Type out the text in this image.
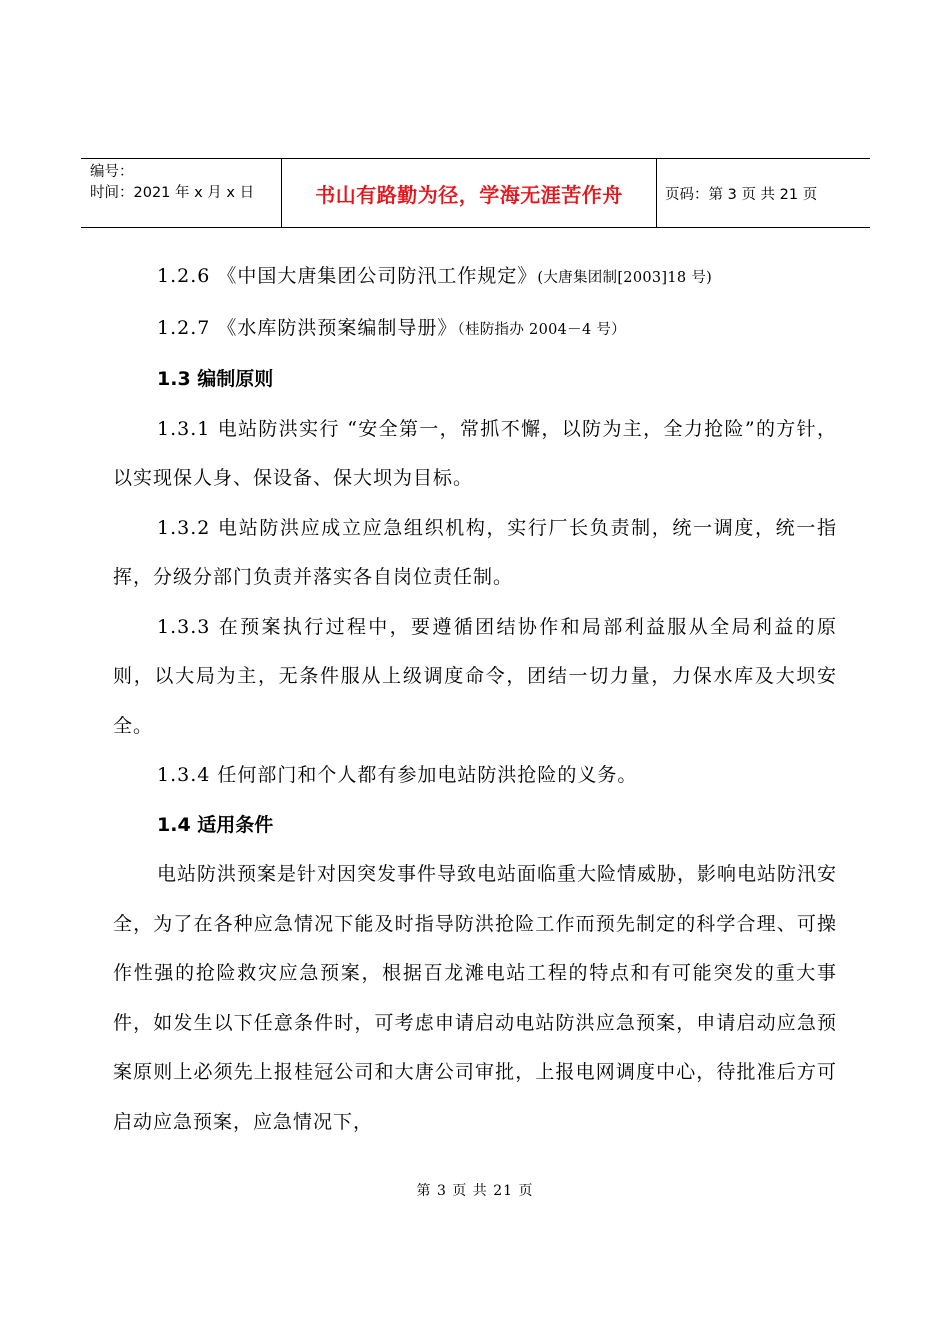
编号：
时间：2021 年 x 月 x 日	书山有路勤为径，学海无涯苦作舟	页码：第 3 页 共 21 页

1.2.6 《中国大唐集团公司防汛工作规定》(大唐集团制[2003]18 号)

1.2.7 《水库防洪预案编制导册》（桂防指办 2004－4 号）

1.3 编制原则

1.3.1 电站防洪实行 “安全第一，常抓不懈，以防为主，全力抢险”的方针，以实现保人身、保设备、保大坝为目标。

1.3.2 电站防洪应成立应急组织机构，实行厂长负责制，统一调度，统一指挥，分级分部门负责并落实各自岗位责任制。

1.3.3 在预案执行过程中，要遵循团结协作和局部利益服从全局利益的原则，以大局为主，无条件服从上级调度命令，团结一切力量，力保水库及大坝安全。

1.3.4 任何部门和个人都有参加电站防洪抢险的义务。

1.4 适用条件

电站防洪预案是针对因突发事件导致电站面临重大险情威胁，影响电站防汛安全，为了在各种应急情况下能及时指导防洪抢险工作而预先制定的科学合理、可操作性强的抢险救灾应急预案，根据百龙滩电站工程的特点和有可能突发的重大事件，如发生以下任意条件时，可考虑申请启动电站防洪应急预案，申请启动应急预案原则上必须先上报桂冠公司和大唐公司审批，上报电网调度中心，待批准后方可启动应急预案，应急情况下，

第 3 页 共 21 页
